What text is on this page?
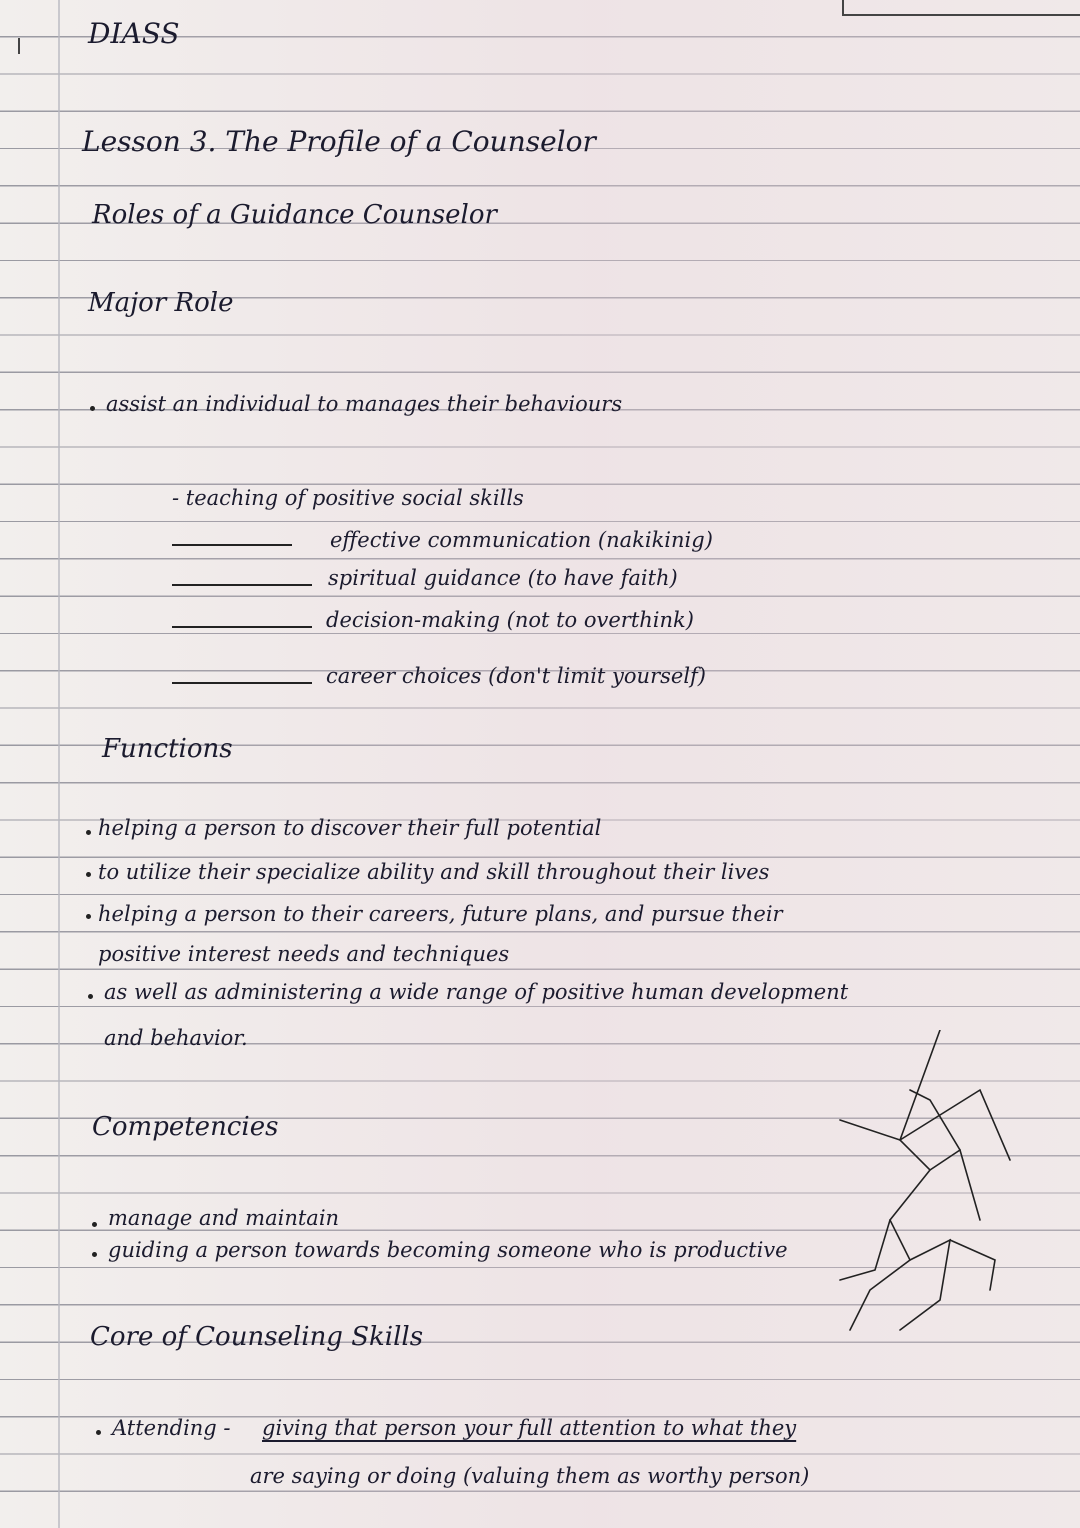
DIASS
Lesson 3. The Profile of a Counselor
Roles of a Guidance Counselor
Major Role
assist an individual to manages their behaviours
- teaching of positive social skills
effective communication (nakikinig)
spiritual guidance (to have faith)
decision-making (not to overthink)
career choices (don't limit yourself)
Functions
helping a person to discover their full potential
to utilize their specialize ability and skill throughout their lives
helping a person to their careers, future plans, and pursue their
positive interest needs and techniques
as well as administering a wide range of positive human development
and behavior.
Competencies
manage and maintain
guiding a person towards becoming someone who is productive
Core of Counseling Skills
Attending - giving that person your full attention to what they
are saying or doing (valuing them as worthy person)
